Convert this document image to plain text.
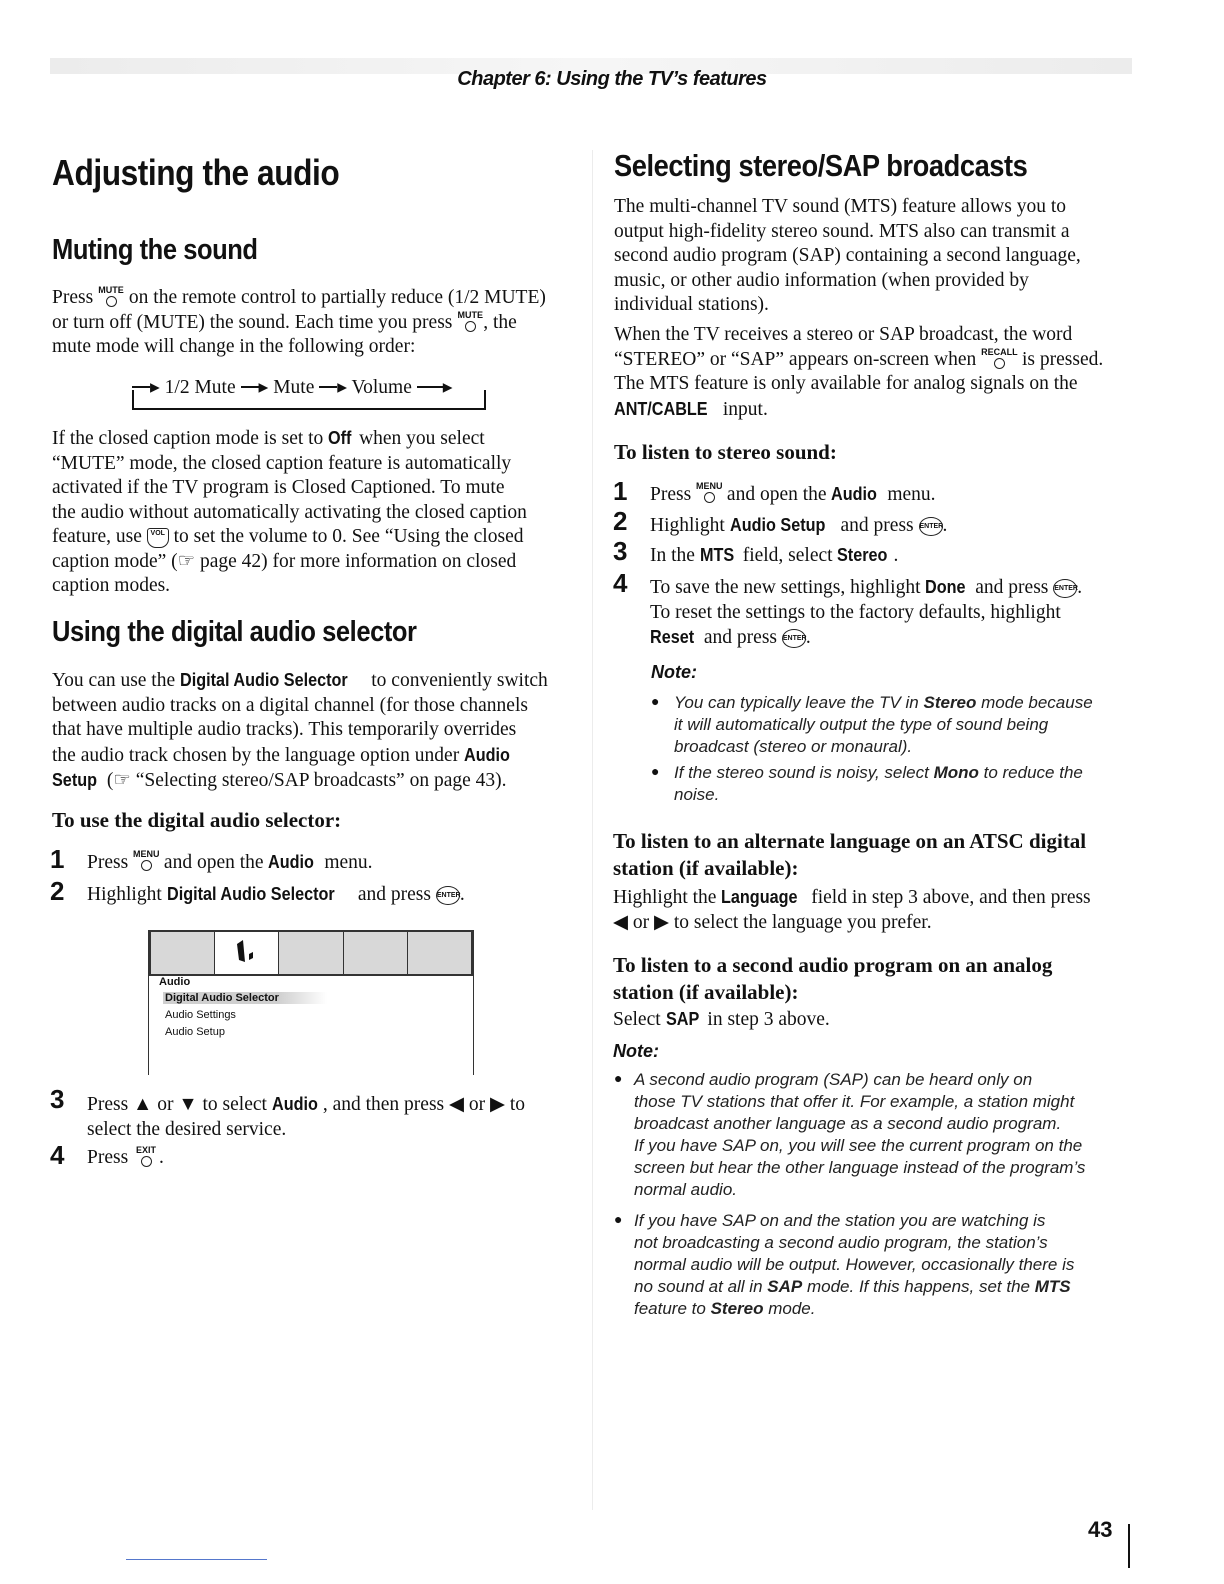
Chapter 6: Using the TV’s features
Adjusting the audio
Muting the sound
Press MUTE on the remote control to partially reduce (1/2 MUTE)
or turn off (MUTE) the sound. Each time you press MUTE
, the
mute mode will change in the following order:
▸ 1/2 Mute ▸ Mute ▸ Volume ▸
If the closed caption mode is set to Off when you select
“MUTE” mode, the closed caption feature is automatically
activated if the TV program is Closed Captioned. To mute
the audio without automatically activating the closed caption
feature, use VOL to set the volume to 0. See “Using the closed
caption mode” (☞ page 42) for more information on closed
caption modes.
Using the digital audio selector
You can use the Digital Audio Selector to conveniently switch
between audio tracks on a digital channel (for those channels
that have multiple audio tracks). This temporarily overrides
the audio track chosen by the language option under Audio
Setup (☞ “Selecting stereo/SAP broadcasts” on page 43).
To use the digital audio selector:
1 Press MENU and open the Audio menu.
2 Highlight Digital Audio Selector and press ENTER.
Audio
Digital Audio Selector
Audio Settings
Audio Setup
3 Press ▲ or ▼ to select Audio , and then press ◀ or ▶ to
select the desired service.
4 Press EXIT .
Selecting stereo/SAP broadcasts
The multi-channel TV sound (MTS) feature allows you to
output high-fidelity stereo sound. MTS also can transmit a
second audio program (SAP) containing a second language,
music, or other audio information (when provided by
individual stations).
When the TV receives a stereo or SAP broadcast, the word
“STEREO” or “SAP” appears on-screen when RECALL is pressed.
The MTS feature is only available for analog signals on the
ANT/CABLE input.
To listen to stereo sound:
1 Press MENU and open the Audio menu.
2 Highlight Audio Setup and press ENTER.
3 In the MTS field, select Stereo .
4 To save the new settings, highlight Done and press ENTER.
To reset the settings to the factory defaults, highlight
Reset and press ENTER.
Note:
● You can typically leave the TV in Stereo mode because
it will automatically output the type of sound being
broadcast (stereo or monaural).
● If the stereo sound is noisy, select Mono to reduce the
noise.
To listen to an alternate language on an ATSC digital
station (if available):
Highlight the Language field in step 3 above, and then press
◀ or ▶ to select the language you prefer.
To listen to a second audio program on an analog
station (if available):
Select SAP in step 3 above.
Note:
● A second audio program (SAP) can be heard only on
those TV stations that offer it. For example, a station might
broadcast another language as a second audio program.
If you have SAP on, you will see the current program on the
screen but hear the other language instead of the program’s
normal audio.
● If you have SAP on and the station you are watching is
not broadcasting a second audio program, the station’s
normal audio will be output. However, occasionally there is
no sound at all in SAP mode. If this happens, set the MTS
feature to Stereo mode.
43
